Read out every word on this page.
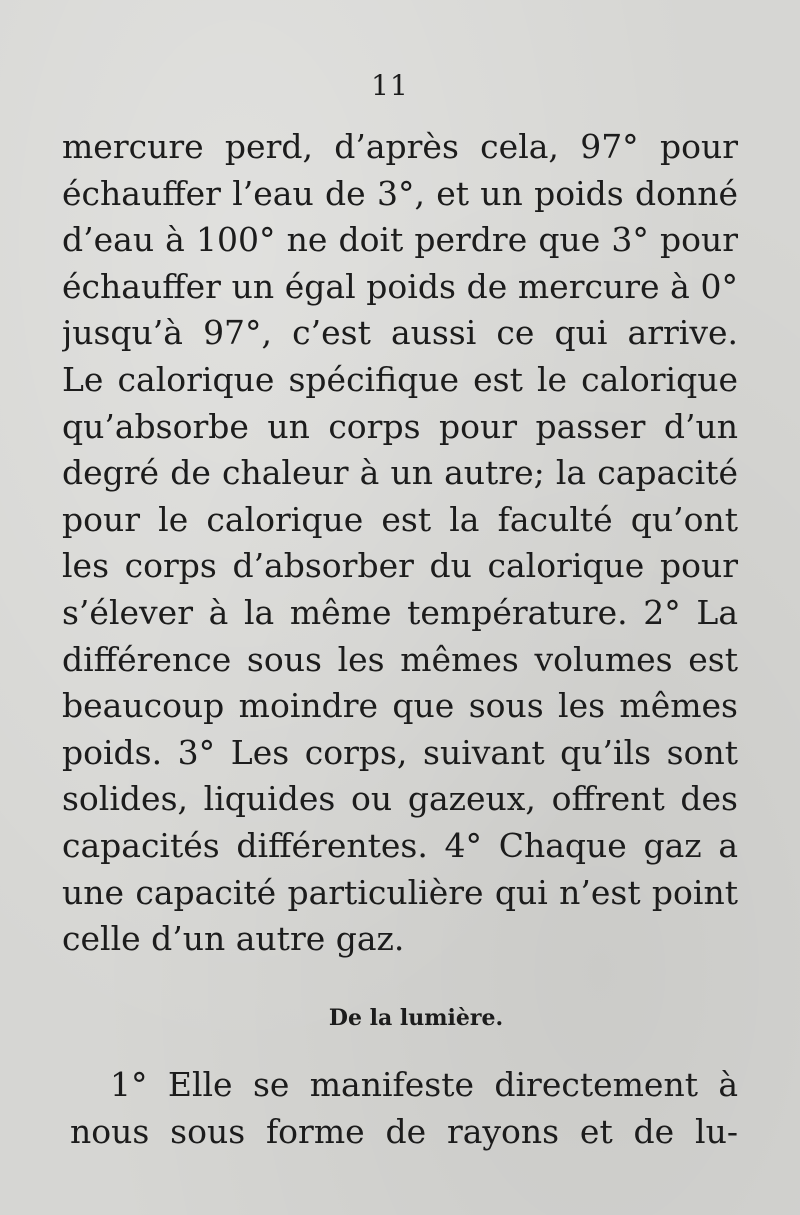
11
mercure perd, d’après cela, 97° pour
échauffer l’eau de 3°, et un poids donné
d’eau à 100° ne doit perdre que 3° pour
échauffer un égal poids de mercure à 0°
jusqu’à 97°, c’est aussi ce qui arrive.
Le calorique spécifique est le calorique
qu’absorbe un corps pour passer d’un
degré de chaleur à un autre; la capacité
pour le calorique est la faculté qu’ont
les corps d’absorber du calorique pour
s’élever à la même température. 2° La
différence sous les mêmes volumes est
beaucoup moindre que sous les mêmes
poids. 3° Les corps, suivant qu’ils sont
solides, liquides ou gazeux, offrent des
capacités différentes. 4° Chaque gaz a
une capacité particulière qui n’est point
celle d’un autre gaz.
De la lumière.
1° Elle se manifeste directement à
nous sous forme de rayons et de lu-
